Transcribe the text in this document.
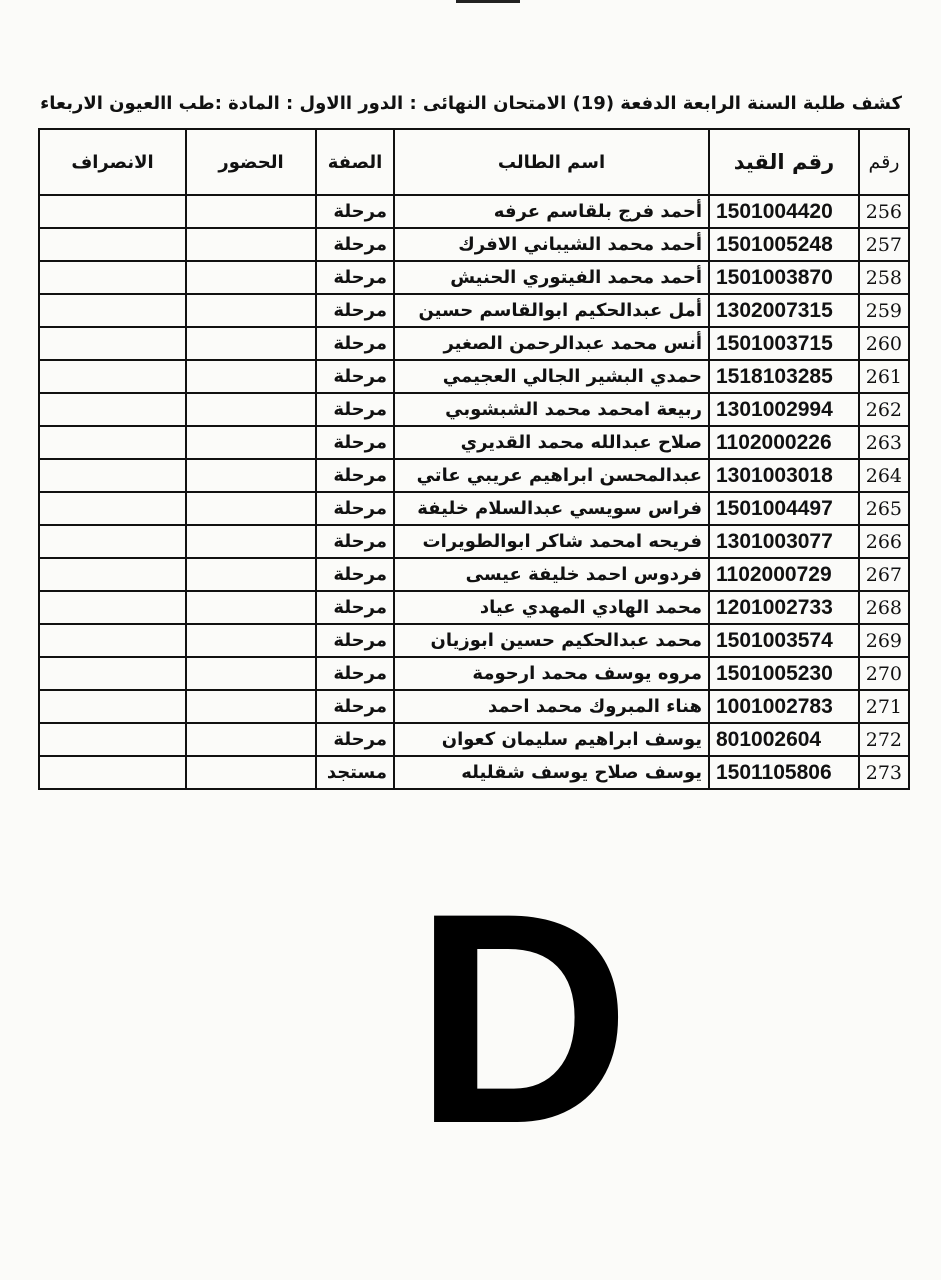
كشف طلبة السنة الرابعة الدفعة (19) الامتحان النهائى : الدور االاول : المادة :طب االعيون الاربعاء
رقم	رقم القيد	اسم الطالب	الصفة	الحضور	الانصراف
256	1501004420	أحمد فرج بلقاسم عرفه	مرحلة		
257	1501005248	أحمد محمد الشيباني الافرك	مرحلة		
258	1501003870	أحمد محمد الفيتوري الحنيش	مرحلة		
259	1302007315	أمل عبدالحكيم ابوالقاسم حسين	مرحلة		
260	1501003715	أنس محمد عبدالرحمن الصغير	مرحلة		
261	1518103285	حمدي البشير الجالي العجيمي	مرحلة		
262	1301002994	ربيعة امحمد محمد الشبشوبي	مرحلة		
263	1102000226	صلاح عبدالله محمد القديري	مرحلة		
264	1301003018	عبدالمحسن ابراهيم عريبي عاتي	مرحلة		
265	1501004497	فراس سويسي عبدالسلام خليفة	مرحلة		
266	1301003077	فريحه امحمد شاكر ابوالطويرات	مرحلة		
267	1102000729	فردوس احمد خليفة عيسى	مرحلة		
268	1201002733	محمد الهادي المهدي عياد	مرحلة		
269	1501003574	محمد عبدالحكيم حسين ابوزيان	مرحلة		
270	1501005230	مروه يوسف محمد ارحومة	مرحلة		
271	1001002783	هناء المبروك محمد احمد	مرحلة		
272	801002604	يوسف ابراهيم سليمان كعوان	مرحلة		
273	1501105806	يوسف صلاح يوسف شقليله	مستجد		
D
